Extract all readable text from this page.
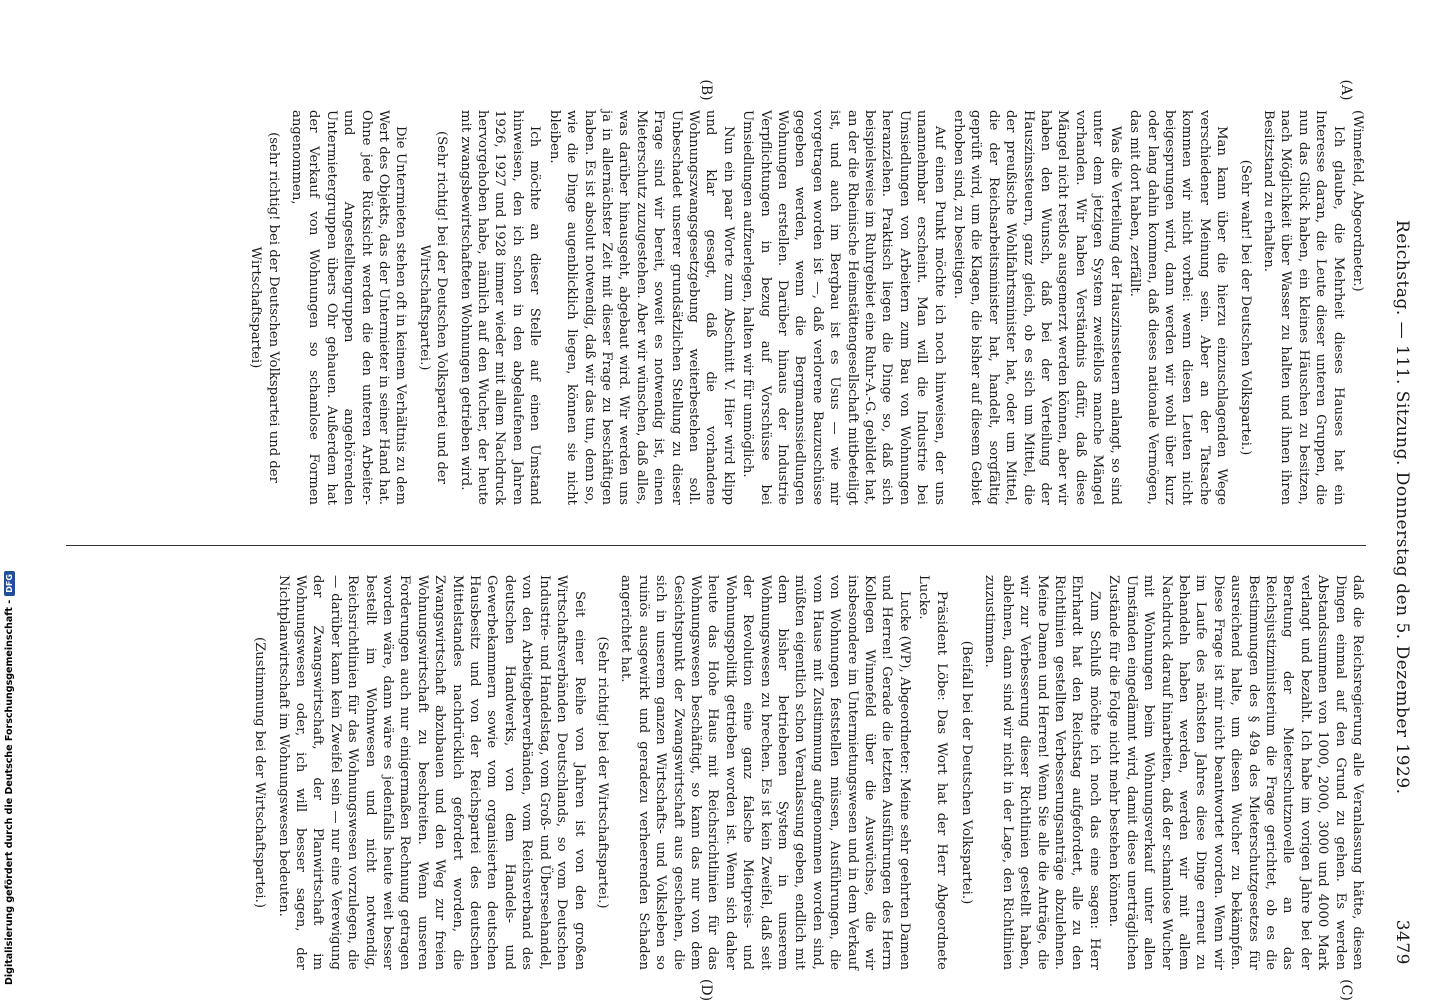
Reichstag. — 111. Sitzung. Donnerstag den 5. Dezember 1929.
3479
(A)
(B)
(C)
(D)

(Winnefeld, Abgeordneter.)

Ich glaube, die Mehrheit dieses Hauses hat ein Interesse daran, die Leute dieser unteren Gruppen, die nun das Glück haben, ein kleines Häuschen zu besitzen, nach Möglichkeit über Wasser zu halten und ihnen ihren Besitzstand zu erhalten.

(Sehr wahr! bei der Deutschen Volkspartei.)

Man kann über die hierzu einzuschlagenden Wege verschiedener Meinung sein. Aber an der Tatsache kommen wir nicht vorbei: wenn diesen Leuten nicht beigesprungen wird, dann werden wir wohl über kurz oder lang dahin kommen, daß dieses nationale Vermögen, das mit dort haben, zerfällt.

Was die Verteilung der Hauszinssteuern anlangt, so sind unter dem jetzigen System zweifellos manche Mängel vorhanden. Wir haben Verständnis dafür, daß diese Mängel nicht restlos ausgemerzt werden können, aber wir haben den Wunsch, daß bei der Verteilung der Hauszinssteuern, ganz gleich, ob es sich um Mittel, die der preußische Wohlfahrtsminister hat, oder um Mittel, die der Reichsarbeitsminister hat, handelt, sorgfältig geprüft wird, um die Klagen, die bisher auf diesem Gebiet erhoben sind, zu beseitigen.

Auf einen Punkt möchte ich noch hinweisen, der uns unannehmbar erscheint. Man will die Industrie bei Umsiedlungen von Arbeitern zum Bau von Wohnungen heranziehen. Praktisch liegen die Dinge so, daß sich beispielsweise im Ruhrgebiet eine Ruhr-A.-G. gebildet hat, an der die Rheinische Heimstättengesellschaft mitbeteiligt ist, und auch im Bergbau ist es Usus — wie mir vorgetragen worden ist —, daß verlorene Bauzuschüsse gegeben werden, wenn die Bergmannssiedlungen Wohnungen erstellen. Darüber hinaus der Industrie Verpflichtungen in bezug auf Vorschüsse bei Umsiedlungen aufzuerlegen, halten wir für unmöglich.

Nun ein paar Worte zum Abschnitt V. Hier wird klipp und klar gesagt, daß die vorhandene Wohnungszwangsgesetzgebung weiterbestehen soll. Unbeschadet unserer grundsätzlichen Stellung zu dieser Frage sind wir bereit, soweit es notwendig ist, einen Mieterschutz zuzugestehen. Aber wir wünschen, daß alles, was darüber hinausgeht, abgebaut wird. Wir werden uns ja in allernächster Zeit mit dieser Frage zu beschäftigen haben. Es ist absolut notwendig, daß wir das tun, denn so, wie die Dinge augenblicklich liegen, können sie nicht bleiben.

Ich möchte an dieser Stelle auf einen Umstand hinweisen, den ich schon in den abgelaufenen Jahren 1926, 1927 und 1928 immer wieder mit allem Nachdruck hervorgehoben habe, nämlich auf den Wucher, der heute mit zwangsbewirtschafteten Wohnungen getrieben wird.

(Sehr richtig! bei der Deutschen Volkspartei und der Wirtschaftspartei.)

Die Untermieten stehen oft in keinem Verhältnis zu dem Wert des Objekts, das der Untermieter in seiner Hand hat. Ohne jede Rücksicht werden die den unteren Arbeiter- und Angestelltengruppen angehörenden Untermietergruppen übers Ohr gehauen. Außerdem hat der Verkauf von Wohnungen so schamlose Formen angenommen,

(sehr richtig! bei der Deutschen Volkspartei und der Wirtschaftspartei)

daß die Reichsregierung alle Veranlassung hätte, diesen Dingen einmal auf den Grund zu gehen. Es werden Abstandssummen von 1000, 2000, 3000 und 4000 Mark verlangt und bezahlt. Ich habe im vorigen Jahre bei der Beratung der Mieterschutznovelle an das Reichsjustizministerium die Frage gerichtet, ob es die Bestimmungen des § 49a des Mieterschutzgesetzes für ausreichend halte, um diesen Wucher zu bekämpfen. Diese Frage ist mir nicht beantwortet worden. Wenn wir im Laufe des nächsten Jahres diese Dinge erneut zu behandeln haben werden, werden wir mit allem Nachdruck darauf hinarbeiten, daß der schamlose Wucher mit Wohnungen beim Wohnungsverkauf unter allen Umständen eingedämmt wird, damit diese unerträglichen Zustände für die Folge nicht mehr bestehen können.

Zum Schluß möchte ich noch das eine sagen: Herr Ehrhardt hat den Reichstag aufgefordert, alle zu den Richtlinien gestellten Verbesserungsanträge abzulehnen. Meine Damen und Herren! Wenn Sie alle die Anträge, die wir zur Verbesserung dieser Richtlinien gestellt haben, ablehnen, dann sind wir nicht in der Lage, den Richtlinien zuzustimmen.

(Beifall bei der Deutschen Volkspartei.)

Präsident Löbe: Das Wort hat der Herr Abgeordnete Lucke.

Lucke (WP), Abgeordneter: Meine sehr geehrten Damen und Herren! Gerade die letzten Ausführungen des Herrn Kollegen Winnefeld über die Auswüchse, die wir insbesondere im Untermietungswesen und in dem Verkauf von Wohnungen feststellen müssen, Ausführungen, die vom Hause mit Zustimmung aufgenommen worden sind, müßten eigentlich schon Veranlassung geben, endlich mit dem bisher betriebenen System in unserem Wohnungswesen zu brechen. Es ist kein Zweifel, daß seit der Revolution eine ganz falsche Mietpreis- und Wohnungspolitik getrieben worden ist. Wenn sich daher heute das Hohe Haus mit Reichsrichtlinien für das Wohnungswesen beschäftigt, so kann das nur von dem Gesichtspunkt der Zwangswirtschaft aus geschehen, die sich in unserem ganzen Wirtschafts- und Volksleben so ruinös ausgewirkt und geradezu verheerenden Schaden angerichtet hat.

(Sehr richtig! bei der Wirtschaftspartei.)

Seit einer Reihe von Jahren ist von den großen Wirtschaftsverbänden Deutschlands, so vom Deutschen Industrie- und Handelstag, vom Groß- und Überseehandel, von den Arbeitgeberverbänden, vom Reichsverband des deutschen Handwerks, von dem Handels- und Gewerbekammern sowie vom organisierten deutschen Hausbesitz und von der Reichspartei des deutschen Mittelstandes nachdrücklich gefordert worden, die Zwangswirtschaft abzubauen und den Weg zur freien Wohnungswirtschaft zu beschreiten. Wenn unseren Forderungen auch nur einigermaßen Rechnung getragen worden wäre, dann wäre es jedenfalls heute weit besser bestellt im Wohnwesen und nicht notwendig, Reichsrichtlinien für das Wohnungswesen vorzulegen, die — darüber kann kein Zweifel sein — nur eine Verewigung der Zwangswirtschaft, der Planwirtschaft im Wohnungswesen oder, ich will besser sagen, der Nichtplanwirtschaft im Wohnungswesen bedeuten.

(Zustimmung bei der Wirtschaftspartei.)

Digitalisierung gefördert durch die Deutsche Forschungsgemeinschaft -
DFG
